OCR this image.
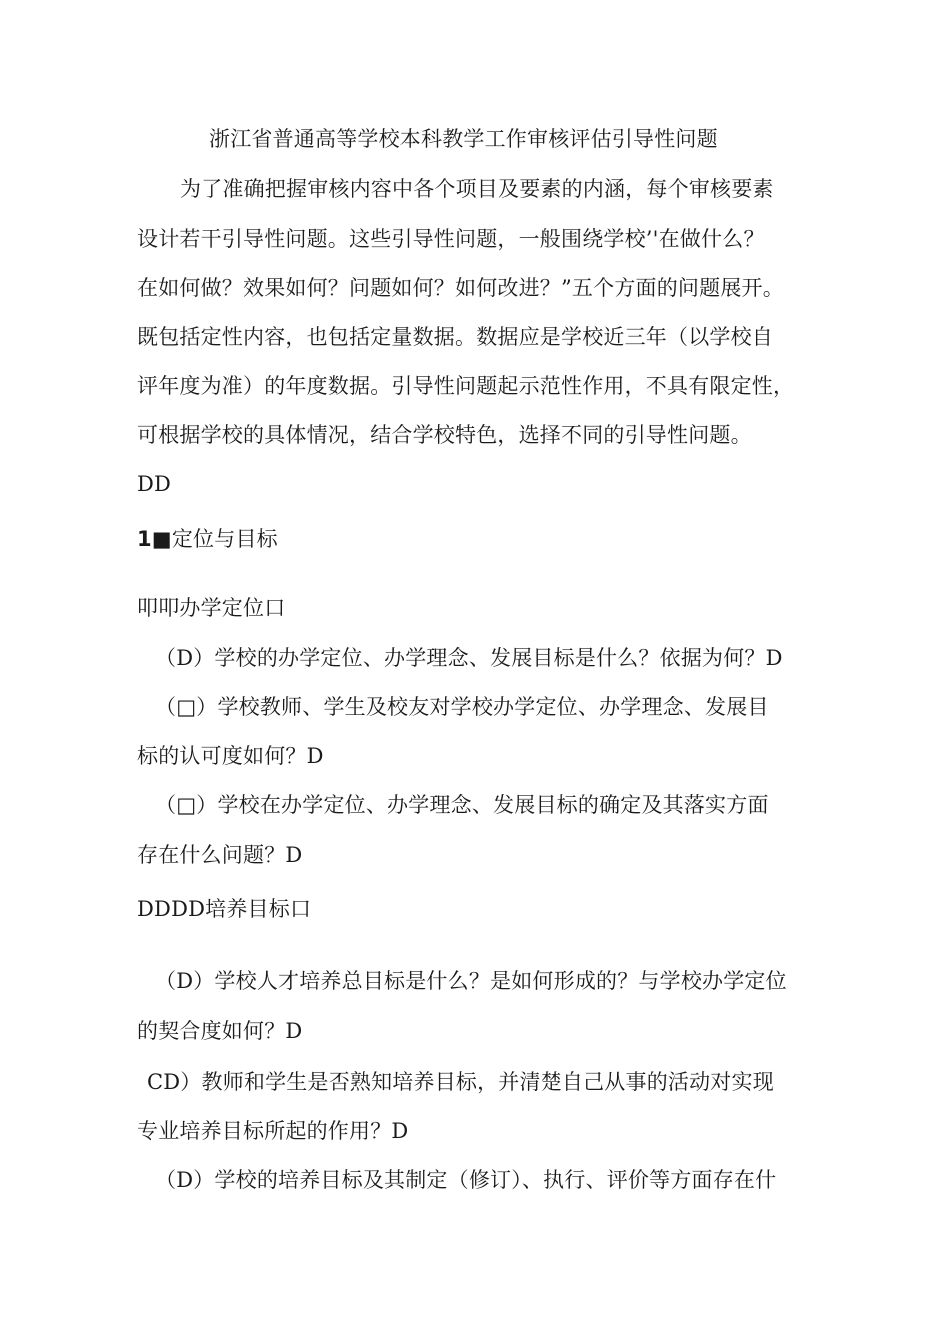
浙江省普通高等学校本科教学工作审核评估引导性问题
为了准确把握审核内容中各个项目及要素的内涵，每个审核要素
设计若干引导性问题。这些引导性问题，一般围绕学校’'在做什么？
在如何做？效果如何？问题如何？如何改进？”五个方面的问题展开。
既包括定性内容，也包括定量数据。数据应是学校近三年（以学校自
评年度为准）的年度数据。引导性问题起示范性作用，不具有限定性，
可根据学校的具体情况，结合学校特色，选择不同的引导性问题。
DD
1■定位与目标
叩叩办学定位口
（D）学校的办学定位、办学理念、发展目标是什么？依据为何？D
（□）学校教师、学生及校友对学校办学定位、办学理念、发展目
标的认可度如何？D
（□）学校在办学定位、办学理念、发展目标的确定及其落实方面
存在什么问题？D
DDDD培养目标口
（D）学校人才培养总目标是什么？是如何形成的？与学校办学定位
的契合度如何？D
CD）教师和学生是否熟知培养目标，并清楚自己从事的活动对实现
专业培养目标所起的作用？D
（D）学校的培养目标及其制定（修订）、执行、评价等方面存在什
